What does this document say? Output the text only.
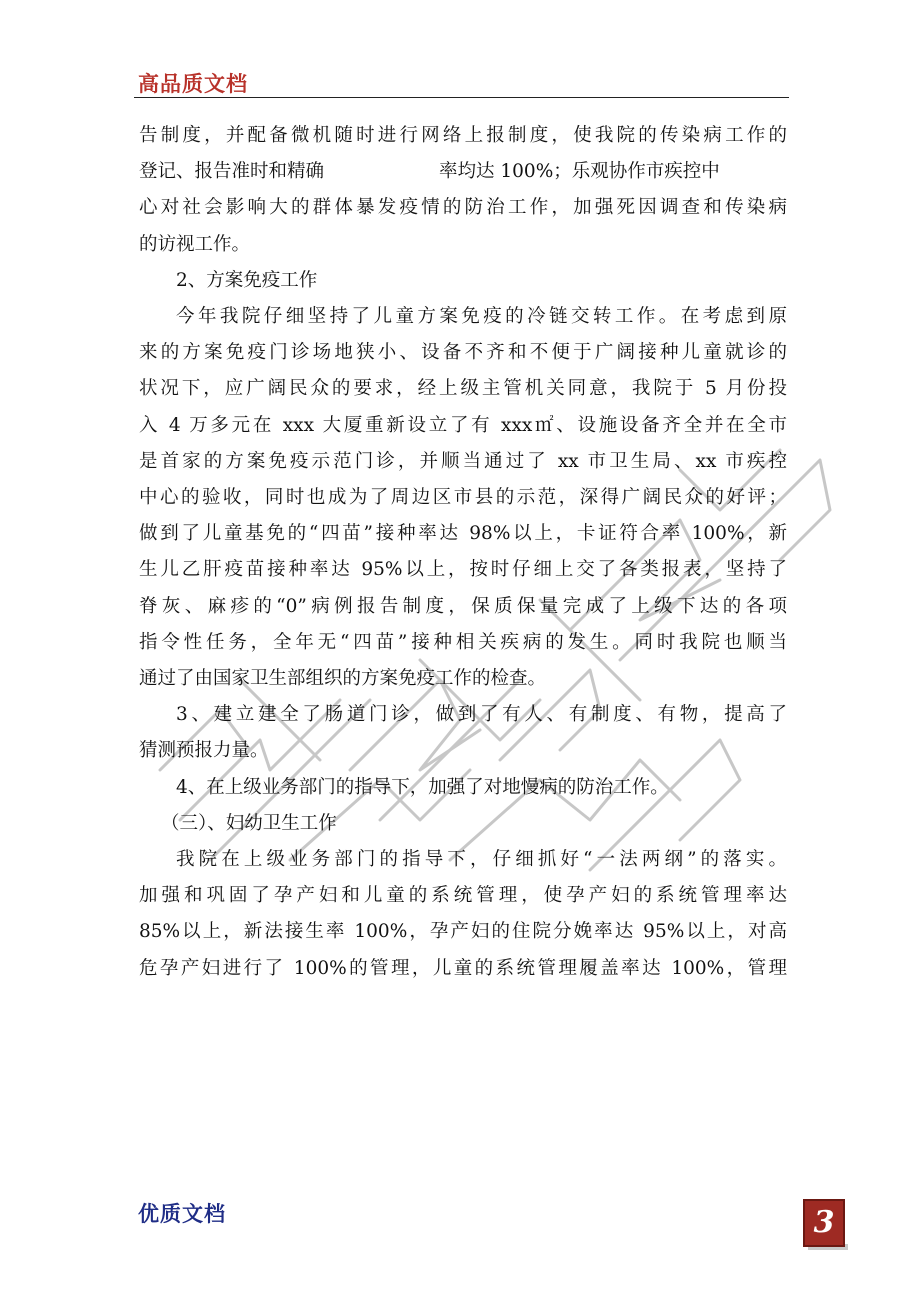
高品质文档

告制度，并配备微机随时进行网络上报制度，使我院的传染病工作的

登记、报告准时和精确	率均达 100%；乐观协作市疾控中

心对社会影响大的群体暴发疫情的防治工作，加强死因调查和传染病

的访视工作。

2、方案免疫工作

今年我院仔细坚持了儿童方案免疫的冷链交转工作。在考虑到原

来的方案免疫门诊场地狭小、设备不齐和不便于广阔接种儿童就诊的

状况下，应广阔民众的要求，经上级主管机关同意，我院于 5 月份投

入 4 万多元在 xxx 大厦重新设立了有 xxx㎡、设施设备齐全并在全市

是首家的方案免疫示范门诊，并顺当通过了 xx 市卫生局、xx 市疾控

中心的验收，同时也成为了周边区市县的示范，深得广阔民众的好评；

做到了儿童基免的“四苗”接种率达 98%以上，卡证符合率 100%，新

生儿乙肝疫苗接种率达 95%以上，按时仔细上交了各类报表，坚持了

脊灰、麻疹的“0”病例报告制度，保质保量完成了上级下达的各项

指令性任务，全年无“四苗”接种相关疾病的发生。同时我院也顺当

通过了由国家卫生部组织的方案免疫工作的检查。

3、建立建全了肠道门诊，做到了有人、有制度、有物，提高了

猜测预报力量。

4、在上级业务部门的指导下，加强了对地慢病的防治工作。

（三）、妇幼卫生工作

我院在上级业务部门的指导下，仔细抓好“一法两纲”的落实。

加强和巩固了孕产妇和儿童的系统管理，使孕产妇的系统管理率达

85%以上，新法接生率 100%，孕产妇的住院分娩率达 95%以上，对高

危孕产妇进行了 100%的管理，儿童的系统管理履盖率达 100%，管理

优质文档	3
